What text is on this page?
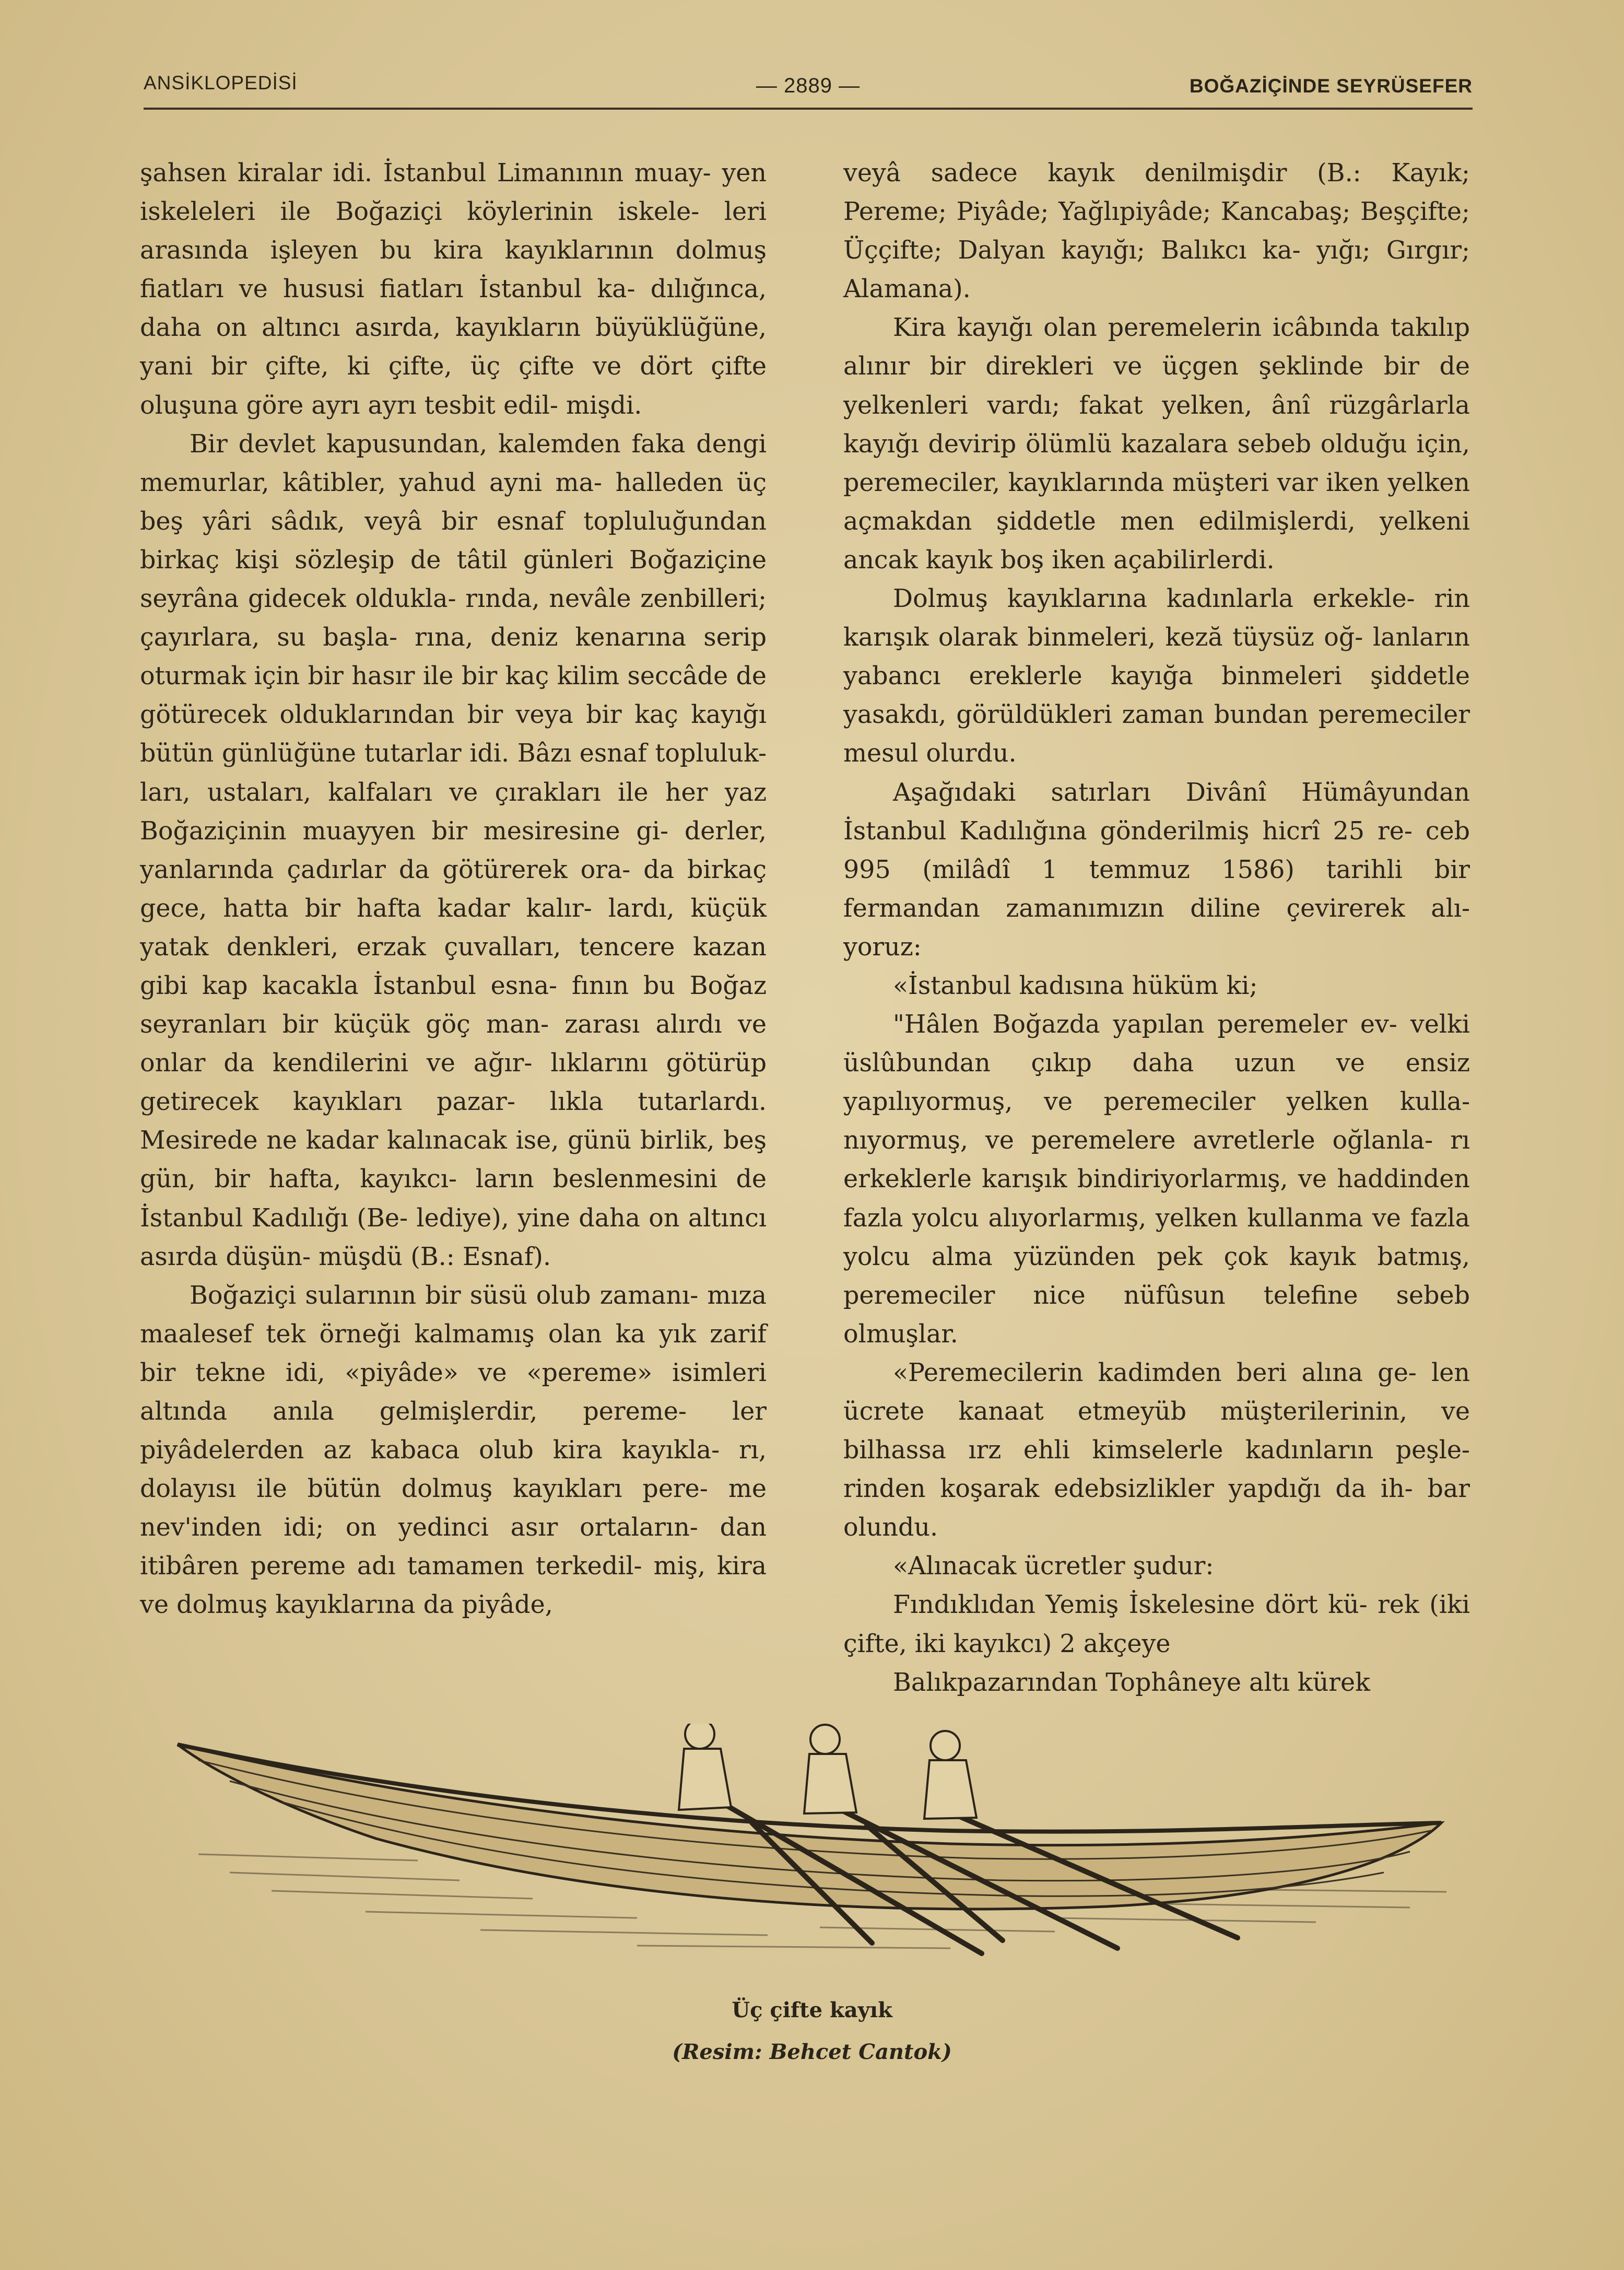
ANSİKLOPEDİSİ	— 2889 —	BOĞAZİÇİNDE SEYRÜSEFER

şahsen kiralar idi. İstanbul Limanının muay- yen iskeleleri ile Boğaziçi köylerinin iskele- leri arasında işleyen bu kira kayıklarının dolmuş fiatları ve hususi fiatları İstanbul ka- dılığınca, daha on altıncı asırda, kayıkların büyüklüğüne, yani bir çifte, ki çifte, üç çifte ve dört çifte oluşuna göre ayrı ayrı tesbit edil- mişdi.

Bir devlet kapusundan, kalemden faka dengi memurlar, kâtibler, yahud ayni ma- halleden üç beş yâri sâdık, veyâ bir esnaf topluluğundan birkaç kişi sözleşip de tâtil günleri Boğaziçine seyrâna gidecek oldukla- rında, nevâle zenbilleri; çayırlara, su başla- rına, deniz kenarına serip oturmak için bir hasır ile bir kaç kilim seccâde de götürecek olduklarından bir veya bir kaç kayığı bütün günlüğüne tutarlar idi. Bâzı esnaf topluluk- ları, ustaları, kalfaları ve çırakları ile her yaz Boğaziçinin muayyen bir mesiresine gi- derler, yanlarında çadırlar da götürerek ora- da birkaç gece, hatta bir hafta kadar kalır- lardı, küçük yatak denkleri, erzak çuvalları, tencere kazan gibi kap kacakla İstanbul esna- fının bu Boğaz seyranları bir küçük göç man- zarası alırdı ve onlar da kendilerini ve ağır- lıklarını götürüp getirecek kayıkları pazar- lıkla tutarlardı. Mesirede ne kadar kalınacak ise, günü birlik, beş gün, bir hafta, kayıkcı- ların beslenmesini de İstanbul Kadılığı (Be- lediye), yine daha on altıncı asırda düşün- müşdü (B.: Esnaf).

Boğaziçi sularının bir süsü olub zamanı- mıza maalesef tek örneği kalmamış olan ka yık zarif bir tekne idi, «piyâde» ve «pereme» isimleri altında anıla gelmişlerdir, pereme- ler piyâdelerden az kabaca olub kira kayıkla- rı, dolayısı ile bütün dolmuş kayıkları pere- me nev'inden idi; on yedinci asır ortaların- dan itibâren pereme adı tamamen terkedil- miş, kira ve dolmuş kayıklarına da piyâde,

veyâ sadece kayık denilmişdir (B.: Kayık; Pereme; Piyâde; Yağlıpiyâde; Kancabaş; Beşçifte; Üççifte; Dalyan kayığı; Balıkcı ka- yığı; Gırgır; Alamana).

Kira kayığı olan peremelerin icâbında takılıp alınır bir direkleri ve üçgen şeklinde bir de yelkenleri vardı; fakat yelken, ânî rüzgârlarla kayığı devirip ölümlü kazalara sebeb olduğu için, peremeciler, kayıklarında müşteri var iken yelken açmakdan şiddetle men edilmişlerdi, yelkeni ancak kayık boş iken açabilirlerdi.

Dolmuş kayıklarına kadınlarla erkekle- rin karışık olarak binmeleri, keză tüysüz oğ- lanların yabancı ereklerle kayığa binmeleri şiddetle yasakdı, görüldükleri zaman bundan peremeciler mesul olurdu.

Aşağıdaki satırları Divânî Hümâyundan İstanbul Kadılığına gönderilmiş hicrî 25 re- ceb 995 (milâdî 1 temmuz 1586) tarihli bir fermandan zamanımızın diline çevirerek alı- yoruz:

«İstanbul kadısına hüküm ki;

"Hâlen Boğazda yapılan peremeler ev- velki üslûbundan çıkıp daha uzun ve ensiz yapılıyormuş, ve peremeciler yelken kulla- nıyormuş, ve peremelere avretlerle oğlanla- rı erkeklerle karışık bindiriyorlarmış, ve haddinden fazla yolcu alıyorlarmış, yelken kullanma ve fazla yolcu alma yüzünden pek çok kayık batmış, peremeciler nice nüfûsun telefine sebeb olmuşlar.

«Peremecilerin kadimden beri alına ge- len ücrete kanaat etmeyüb müşterilerinin, ve bilhassa ırz ehli kimselerle kadınların peşle- rinden koşarak edebsizlikler yapdığı da ih- bar olundu.

«Alınacak ücretler şudur:

Fındıklıdan Yemiş İskelesine dört kü- rek (iki çifte, iki kayıkcı) 2 akçeye

Balıkpazarından Tophâneye altı kürek

Üç çifte kayık
(Resim: Behcet Cantok)
